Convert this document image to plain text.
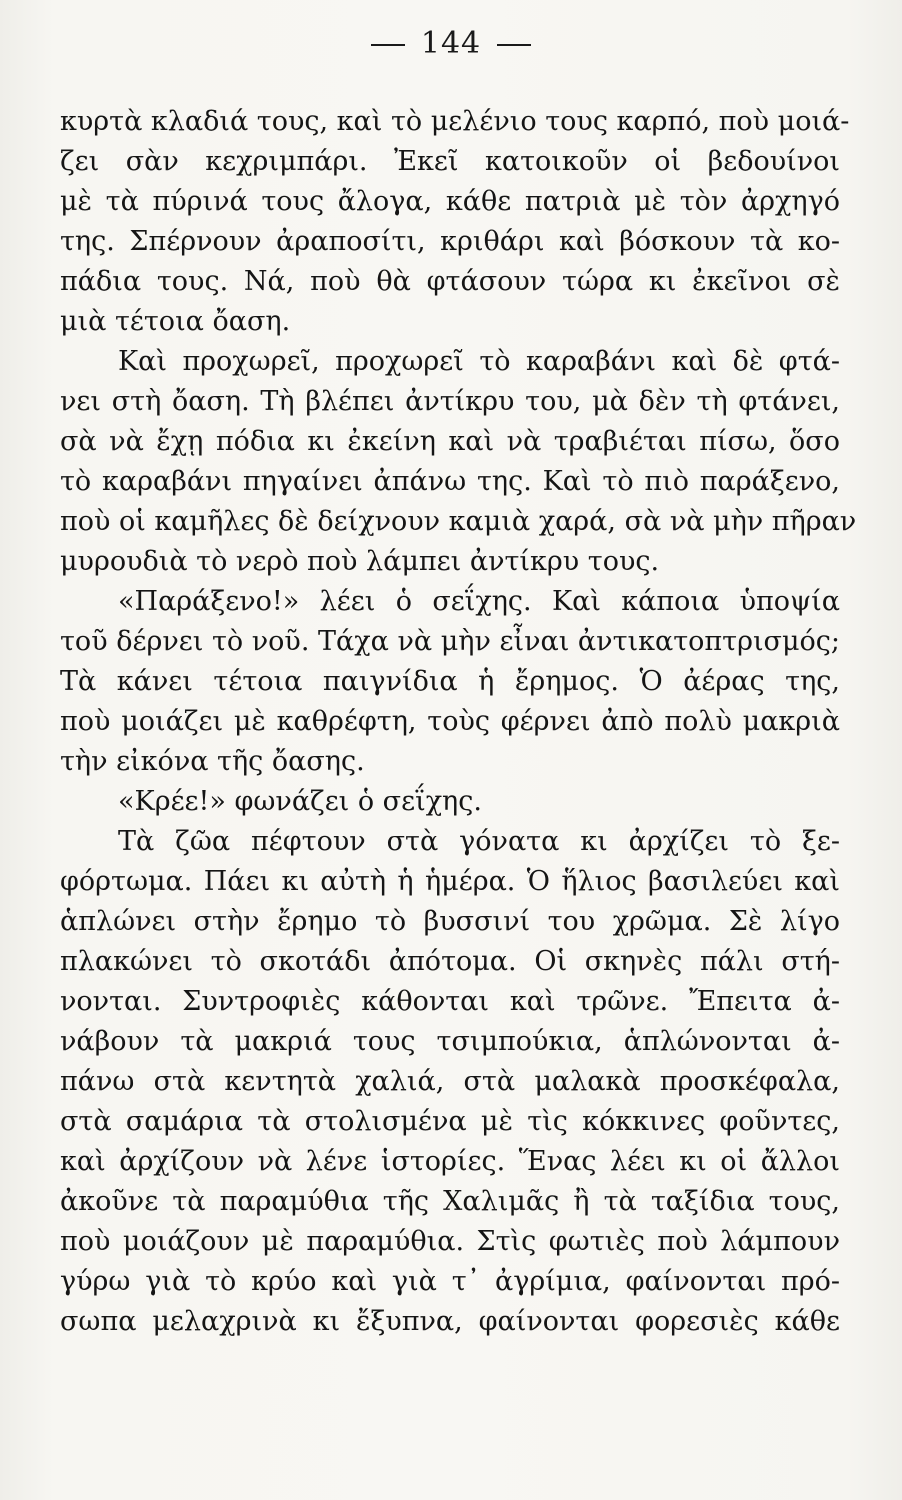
144
κυρτὰ κλαδιά τους, καὶ τὸ μελένιο τους καρπό, ποὺ μοιά-
ζει σὰν κεχριμπάρι. Ἐκεῖ κατοικοῦν οἱ βεδουίνοι
μὲ τὰ πύρινά τους ἄλογα, κάθε πατριὰ μὲ τὸν ἀρχηγό
της. Σπέρνουν ἀραποσίτι, κριθάρι καὶ βόσκουν τὰ κο-
πάδια τους. Νά, ποὺ θὰ φτάσουν τώρα κι ἐκεῖνοι σὲ
μιὰ τέτοια ὄαση.
Καὶ προχωρεῖ, προχωρεῖ τὸ καραβάνι καὶ δὲ φτά-
νει στὴ ὄαση. Τὴ βλέπει ἀντίκρυ του, μὰ δὲν τὴ φτάνει,
σὰ νὰ ἔχῃ πόδια κι ἐκείνη καὶ νὰ τραβιέται πίσω, ὅσο
τὸ καραβάνι πηγαίνει ἀπάνω της. Καὶ τὸ πιὸ παράξενο,
ποὺ οἱ καμῆλες δὲ δείχνουν καμιὰ χαρά, σὰ νὰ μὴν πῆραν
μυρουδιὰ τὸ νερὸ ποὺ λάμπει ἀντίκρυ τους.
«Παράξενο!» λέει ὁ σεΐχης. Καὶ κάποια ὑποψία
τοῦ δέρνει τὸ νοῦ. Τάχα νὰ μὴν εἶναι ἀντικατοπτρισμός;
Τὰ κάνει τέτοια παιγνίδια ἡ ἔρημος. Ὁ ἀέρας της,
ποὺ μοιάζει μὲ καθρέφτη, τοὺς φέρνει ἀπὸ πολὺ μακριὰ
τὴν εἰκόνα τῆς ὄασης.
«Κρέε!» φωνάζει ὁ σεΐχης.
Τὰ ζῶα πέφτουν στὰ γόνατα κι ἀρχίζει τὸ ξε-
φόρτωμα. Πάει κι αὐτὴ ἡ ἡμέρα. Ὁ ἥλιος βασιλεύει καὶ
ἁπλώνει στὴν ἔρημο τὸ βυσσινί του χρῶμα. Σὲ λίγο
πλακώνει τὸ σκοτάδι ἀπότομα. Οἱ σκηνὲς πάλι στή-
νονται. Συντροφιὲς κάθονται καὶ τρῶνε. Ἔπειτα ἀ-
νάβουν τὰ μακριά τους τσιμπούκια, ἁπλώνονται ἀ-
πάνω στὰ κεντητὰ χαλιά, στὰ μαλακὰ προσκέφαλα,
στὰ σαμάρια τὰ στολισμένα μὲ τὶς κόκκινες φοῦντες,
καὶ ἀρχίζουν νὰ λένε ἱστορίες. Ἕνας λέει κι οἱ ἄλλοι
ἀκοῦνε τὰ παραμύθια τῆς Χαλιμᾶς ἢ τὰ ταξίδια τους,
ποὺ μοιάζουν μὲ παραμύθια. Στὶς φωτιὲς ποὺ λάμπουν
γύρω γιὰ τὸ κρύο καὶ γιὰ τ᾿ ἀγρίμια, φαίνονται πρό-
σωπα μελαχρινὰ κι ἔξυπνα, φαίνονται φορεσιὲς κάθε
